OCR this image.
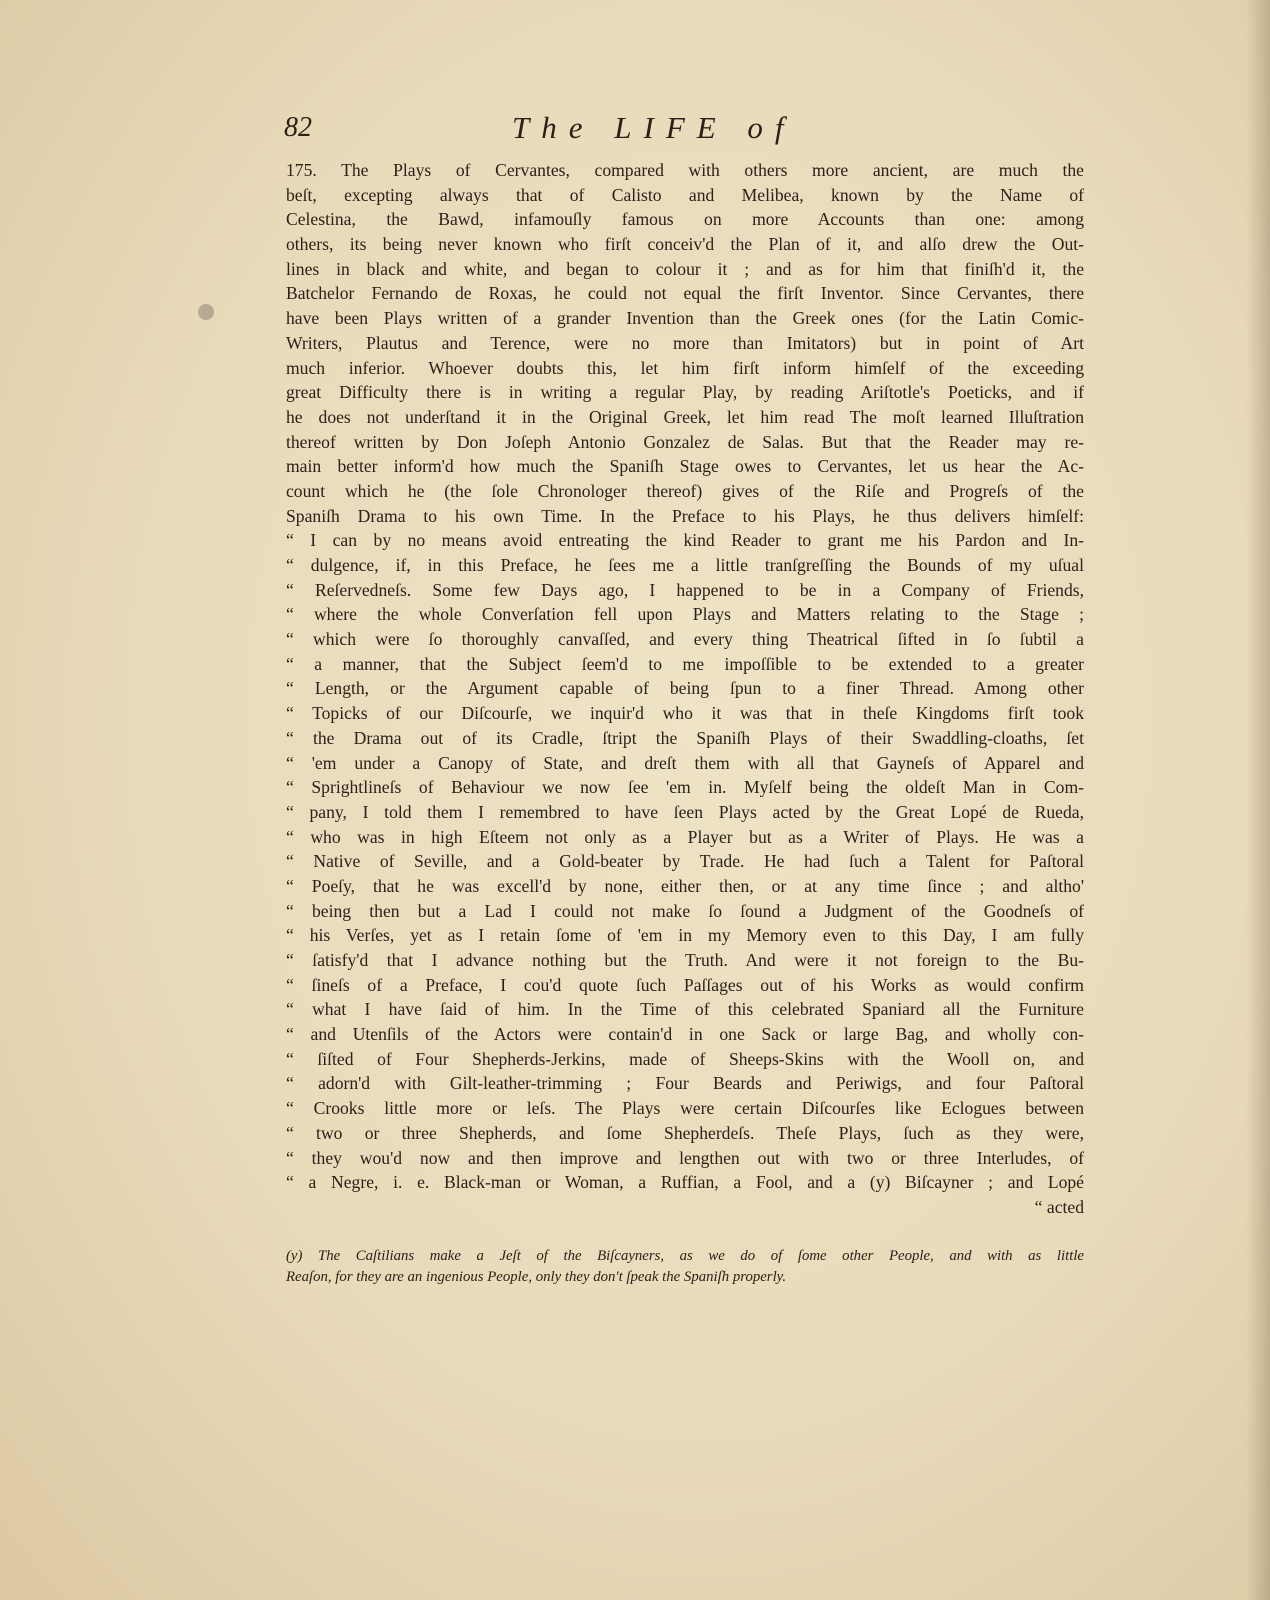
82	The LIFE of
175. The Plays of Cervantes, compared with others more ancient, are much the
beſt, excepting always that of Calisto and Melibea, known by the Name of
Celestina, the Bawd, infamouſly famous on more Accounts than one: among
others, its being never known who firſt conceiv'd the Plan of it, and alſo drew the Out-
lines in black and white, and began to colour it ; and as for him that finiſh'd it, the
Batchelor Fernando de Roxas, he could not equal the firſt Inventor. Since Cervantes, there
have been Plays written of a grander Invention than the Greek ones (for the Latin Comic-
Writers, Plautus and Terence, were no more than Imitators) but in point of Art
much inferior. Whoever doubts this, let him firſt inform himſelf of the exceeding
great Difficulty there is in writing a regular Play, by reading Ariſtotle's Poeticks, and if
he does not underſtand it in the Original Greek, let him read The moſt learned Illuſtration
thereof written by Don Joſeph Antonio Gonzalez de Salas. But that the Reader may re-
main better inform'd how much the Spaniſh Stage owes to Cervantes, let us hear the Ac-
count which he (the ſole Chronologer thereof) gives of the Riſe and Progreſs of the
Spaniſh Drama to his own Time. In the Preface to his Plays, he thus delivers himſelf:
“ I can by no means avoid entreating the kind Reader to grant me his Pardon and In-
“ dulgence, if, in this Preface, he ſees me a little tranſgreſſing the Bounds of my uſual
“ Reſervedneſs. Some few Days ago, I happened to be in a Company of Friends,
“ where the whole Converſation fell upon Plays and Matters relating to the Stage ;
“ which were ſo thoroughly canvaſſed, and every thing Theatrical ſifted in ſo ſubtil a
“ a manner, that the Subject ſeem'd to me impoſſible to be extended to a greater
“ Length, or the Argument capable of being ſpun to a finer Thread. Among other
“ Topicks of our Diſcourſe, we inquir'd who it was that in theſe Kingdoms firſt took
“ the Drama out of its Cradle, ſtript the Spaniſh Plays of their Swaddling-cloaths, ſet
“ 'em under a Canopy of State, and dreſt them with all that Gayneſs of Apparel and
“ Sprightlineſs of Behaviour we now ſee 'em in. Myſelf being the oldeſt Man in Com-
“ pany, I told them I remembred to have ſeen Plays acted by the Great Lopé de Rueda,
“ who was in high Eſteem not only as a Player but as a Writer of Plays. He was a
“ Native of Seville, and a Gold-beater by Trade. He had ſuch a Talent for Paſtoral
“ Poeſy, that he was excell'd by none, either then, or at any time ſince ; and altho'
“ being then but a Lad I could not make ſo ſound a Judgment of the Goodneſs of
“ his Verſes, yet as I retain ſome of 'em in my Memory even to this Day, I am fully
“ ſatisfy'd that I advance nothing but the Truth. And were it not foreign to the Bu-
“ ſineſs of a Preface, I cou'd quote ſuch Paſſages out of his Works as would confirm
“ what I have ſaid of him. In the Time of this celebrated Spaniard all the Furniture
“ and Utenſils of the Actors were contain'd in one Sack or large Bag, and wholly con-
“ ſiſted of Four Shepherds-Jerkins, made of Sheeps-Skins with the Wooll on, and
“ adorn'd with Gilt-leather-trimming ; Four Beards and Periwigs, and four Paſtoral
“ Crooks little more or leſs. The Plays were certain Diſcourſes like Eclogues between
“ two or three Shepherds, and ſome Shepherdeſs. Theſe Plays, ſuch as they were,
“ they wou'd now and then improve and lengthen out with two or three Interludes, of
“ a Negre, i. e. Black-man or Woman, a Ruffian, a Fool, and a (y) Biſcayner ; and Lopé
“ acted
(y) The Caſtilians make a Jeſt of the Biſcayners, as we do of ſome other People, and with as little
Reaſon, for they are an ingenious People, only they don't ſpeak the Spaniſh properly.
